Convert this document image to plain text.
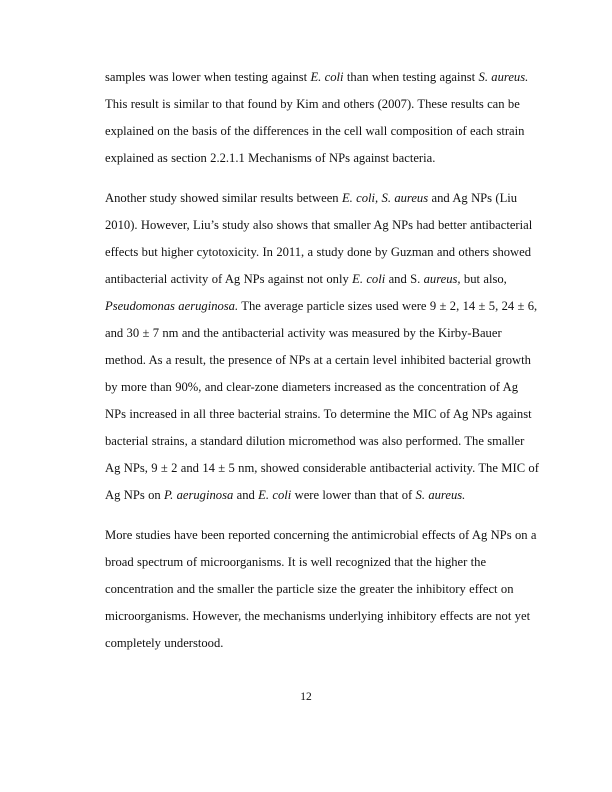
samples was lower when testing against E. coli than when testing against S. aureus. This result is similar to that found by Kim and others (2007). These results can be explained on the basis of the differences in the cell wall composition of each strain explained as section 2.2.1.1 Mechanisms of NPs against bacteria.

Another study showed similar results between E. coli, S. aureus and Ag NPs (Liu 2010). However, Liu’s study also shows that smaller Ag NPs had better antibacterial effects but higher cytotoxicity. In 2011, a study done by Guzman and others showed antibacterial activity of Ag NPs against not only E. coli and S. aureus, but also, Pseudomonas aeruginosa. The average particle sizes used were 9 ± 2, 14 ± 5, 24 ± 6, and 30 ± 7 nm and the antibacterial activity was measured by the Kirby-Bauer method. As a result, the presence of NPs at a certain level inhibited bacterial growth by more than 90%, and clear-zone diameters increased as the concentration of Ag NPs increased in all three bacterial strains. To determine the MIC of Ag NPs against bacterial strains, a standard dilution micromethod was also performed. The smaller Ag NPs, 9 ± 2 and 14 ± 5 nm, showed considerable antibacterial activity. The MIC of Ag NPs on P. aeruginosa and E. coli were lower than that of S. aureus.

More studies have been reported concerning the antimicrobial effects of Ag NPs on a broad spectrum of microorganisms. It is well recognized that the higher the concentration and the smaller the particle size the greater the inhibitory effect on microorganisms. However, the mechanisms underlying inhibitory effects are not yet completely understood.

12
